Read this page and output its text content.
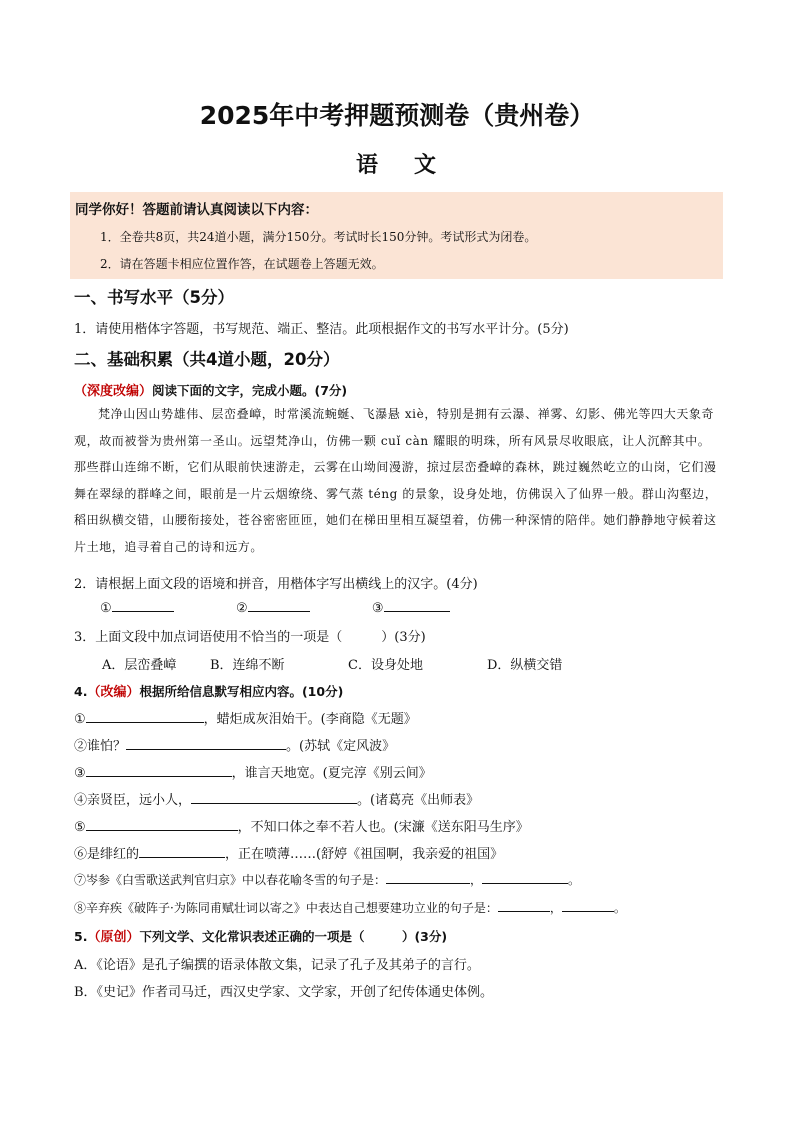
2025年中考押题预测卷（贵州卷）
语 文
同学你好！答题前请认真阅读以下内容：
1．全卷共8页，共24道小题，满分150分。考试时长150分钟。考试形式为闭卷。
2．请在答题卡相应位置作答，在试题卷上答题无效。
一、书写水平（5分）
1．请使用楷体字答题，书写规范、端正、整洁。此项根据作文的书写水平计分。(5分)
二、基础积累（共4道小题，20分）
（深度改编）阅读下面的文字，完成小题。(7分)
梵净山因山势雄伟、层峦叠嶂，时常溪流蜿蜒、飞瀑悬 xiè，特别是拥有云瀑、禅雾、幻影、佛光等四大天象奇观，故而被誉为贵州第一圣山。远望梵净山，仿佛一颗 cuǐ càn 耀眼的明珠，所有风景尽收眼底，让人沉醉其中。那些群山连绵不断，它们从眼前快速游走，云雾在山坳间漫游，掠过层峦叠嶂的森林，跳过巍然屹立的山岗，它们漫舞在翠绿的群峰之间，眼前是一片云烟缭绕、雾气蒸 téng 的景象，设身处地，仿佛误入了仙界一般。群山沟壑边，稻田纵横交错，山腰衔接处，苍谷密密匝匝，她们在梯田里相互凝望着，仿佛一种深情的陪伴。她们静静地守候着这片土地，追寻着自己的诗和远方。
2．请根据上面文段的语境和拼音，用楷体字写出横线上的汉字。(4分)
①	②	③
3．上面文段中加点词语使用不恰当的一项是（　　　）(3分)
A．层峦叠嶂	B．连绵不断	C．设身处地	D．纵横交错
4.（改编）根据所给信息默写相应内容。(10分)
①	，蜡炬成灰泪始干。(李商隐《无题》
②谁怕？	。(苏轼《定风波》
③	，谁言天地宽。(夏完淳《别云间》
④亲贤臣，远小人，	。(诸葛亮《出师表》
⑤	，不知口体之奉不若人也。(宋濂《送东阳马生序》
⑥是绯红的	，正在喷薄……(舒婷《祖国啊，我亲爱的祖国》
⑦岑参《白雪歌送武判官归京》中以春花喻冬雪的句子是：	，	。
⑧辛弃疾《破阵子·为陈同甫赋壮词以寄之》中表达自己想要建功立业的句子是：	，	。
5.（原创）下列文学、文化常识表述正确的一项是（　　　）(3分)
A．《论语》是孔子编撰的语录体散文集，记录了孔子及其弟子的言行。
B．《史记》作者司马迁，西汉史学家、文学家，开创了纪传体通史体例。
